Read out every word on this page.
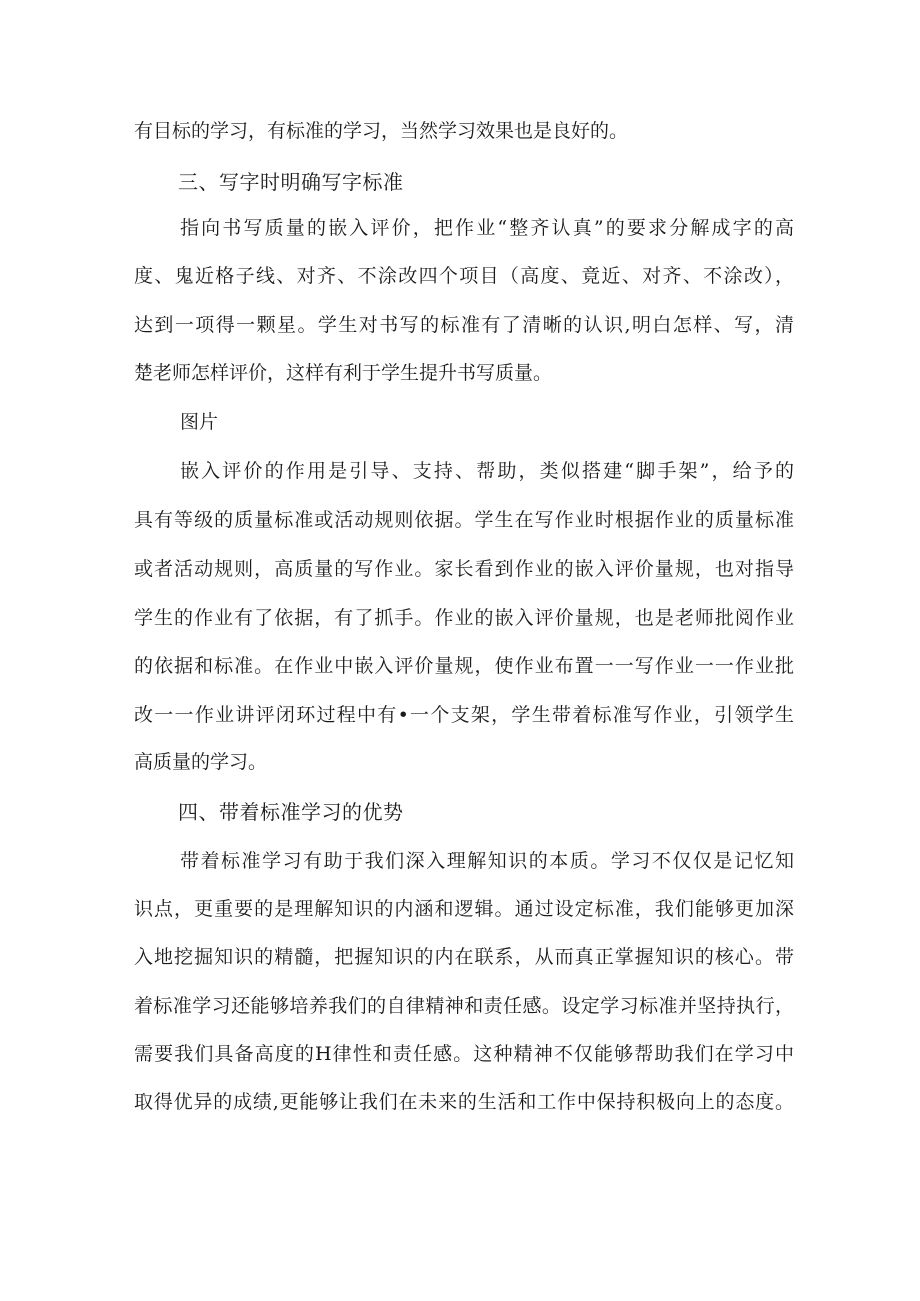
有目标的学习，有标准的学习，当然学习效果也是良好的。

三、写字时明确写字标准

指向书写质量的嵌入评价，把作业“整齐认真”的要求分解成字的高

度、鬼近格子线、对齐、不涂改四个项目（高度、竟近、对齐、不涂改），

达到一项得一颗星。学生对书写的标准有了清晰的认识,明白怎样、写，清

楚老师怎样评价，这样有利于学生提升书写质量。

图片

嵌入评价的作用是引导、支持、帮助，类似搭建“脚手架”，给予的

具有等级的质量标准或活动规则依据。学生在写作业时根据作业的质量标准

或者活动规则，高质量的写作业。家长看到作业的嵌入评价量规，也对指导

学生的作业有了依据，有了抓手。作业的嵌入评价量规，也是老师批阅作业

的依据和标准。在作业中嵌入评价量规，使作业布置一一写作业一一作业批

改一一作业讲评闭环过程中有•一个支架，学生带着标准写作业，引领学生

高质量的学习。

四、带着标准学习的优势

带着标准学习有助于我们深入理解知识的本质。学习不仅仅是记忆知

识点，更重要的是理解知识的内涵和逻辑。通过设定标准，我们能够更加深

入地挖掘知识的精髓，把握知识的内在联系，从而真正掌握知识的核心。带

着标准学习还能够培养我们的自律精神和责任感。设定学习标准并坚持执行，

需要我们具备高度的H律性和责任感。这种精神不仅能够帮助我们在学习中

取得优异的成绩,更能够让我们在未来的生活和工作中保持积极向上的态度。
